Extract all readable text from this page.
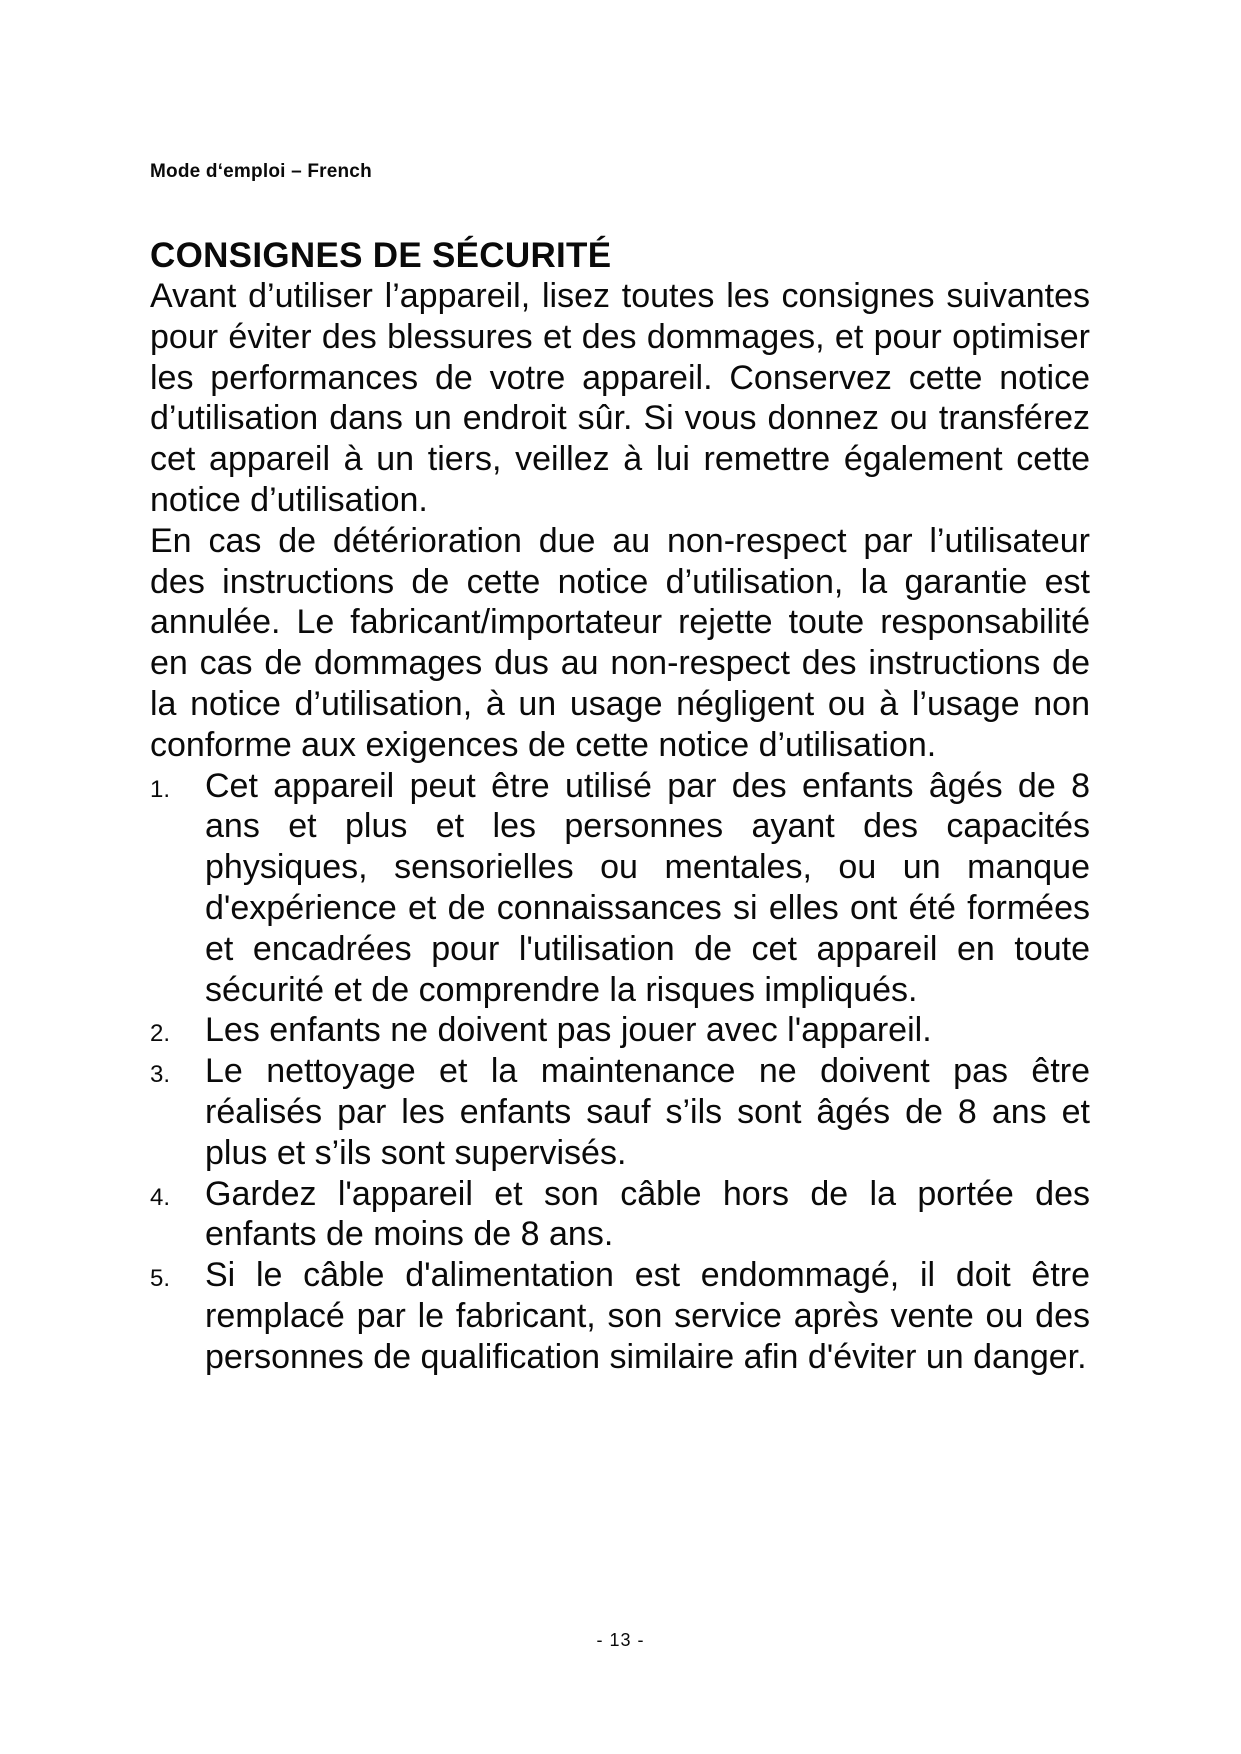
Mode d‘emploi – French
CONSIGNES DE SÉCURITÉ

Avant d’utiliser l’appareil, lisez toutes les consignes suivantes pour éviter des blessures et des dommages, et pour optimiser les performances de votre appareil. Conservez cette notice d’utilisation dans un endroit sûr. Si vous donnez ou transférez cet appareil à un tiers, veillez à lui remettre également cette notice d’utilisation.

En cas de détérioration due au non-respect par l’utilisateur des instructions de cette notice d’utilisation, la garantie est annulée. Le fabricant/importateur rejette toute responsabilité en cas de dommages dus au non-respect des instructions de la notice d’utilisation, à un usage négligent ou à l’usage non conforme aux exigences de cette notice d’utilisation.

1. Cet appareil peut être utilisé par des enfants âgés de 8 ans et plus et les personnes ayant des capacités physiques, sensorielles ou mentales, ou un manque d'expérience et de connaissances si elles ont été formées et encadrées pour l'utilisation de cet appareil en toute sécurité et de comprendre la risques impliqués.
2. Les enfants ne doivent pas jouer avec l'appareil.
3. Le nettoyage et la maintenance ne doivent pas être réalisés par les enfants sauf s’ils sont âgés de 8 ans et plus et s’ils sont supervisés.
4. Gardez l'appareil et son câble hors de la portée des enfants de moins de 8 ans.
5. Si le câble d'alimentation est endommagé, il doit être remplacé par le fabricant, son service après vente ou des personnes de qualification similaire afin d'éviter un danger.
- 13 -
